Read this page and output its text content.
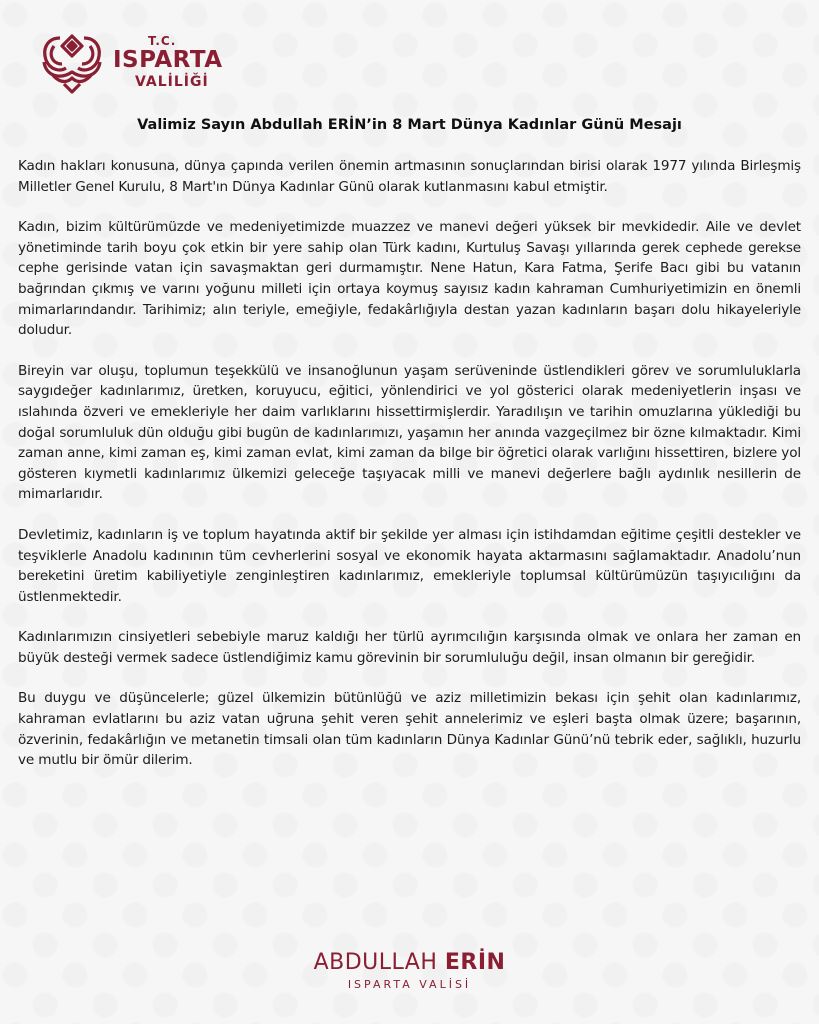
T.C.
ISPARTA
VALİLİĞİ
Valimiz Sayın Abdullah ERİN’in 8 Mart Dünya Kadınlar Günü Mesajı

Kadın hakları konusuna, dünya çapında verilen önemin artmasının sonuçlarından birisi olarak 1977 yılında Birleşmiş Milletler Genel Kurulu, 8 Mart'ın Dünya Kadınlar Günü olarak kutlanmasını kabul etmiştir.

Kadın, bizim kültürümüzde ve medeniyetimizde muazzez ve manevi değeri yüksek bir mevkidedir. Aile ve devlet yönetiminde tarih boyu çok etkin bir yere sahip olan Türk kadını, Kurtuluş Savaşı yıllarında gerek cephede gerekse cephe gerisinde vatan için savaşmaktan geri durmamıştır. Nene Hatun, Kara Fatma, Şerife Bacı gibi bu vatanın bağrından çıkmış ve varını yoğunu milleti için ortaya koymuş sayısız kadın kahraman Cumhuriyetimizin en önemli mimarlarındandır. Tarihimiz; alın teriyle, emeğiyle, fedakârlığıyla destan yazan kadınların başarı dolu hikayeleriyle doludur.

Bireyin var oluşu, toplumun teşekkülü ve insanoğlunun yaşam serüveninde üstlendikleri görev ve sorumluluklarla saygıdeğer kadınlarımız, üretken, koruyucu, eğitici, yönlendirici ve yol gösterici olarak medeniyetlerin inşası ve ıslahında özveri ve emekleriyle her daim varlıklarını hissettirmişlerdir. Yaradılışın ve tarihin omuzlarına yüklediği bu doğal sorumluluk dün olduğu gibi bugün de kadınlarımızı, yaşamın her anında vazgeçilmez bir özne kılmaktadır. Kimi zaman anne, kimi zaman eş, kimi zaman evlat, kimi zaman da bilge bir öğretici olarak varlığını hissettiren, bizlere yol gösteren kıymetli kadınlarımız ülkemizi geleceğe taşıyacak milli ve manevi değerlere bağlı aydınlık nesillerin de mimarlarıdır.

Devletimiz, kadınların iş ve toplum hayatında aktif bir şekilde yer alması için istihdamdan eğitime çeşitli destekler ve teşviklerle Anadolu kadınının tüm cevherlerini sosyal ve ekonomik hayata aktarmasını sağlamaktadır. Anadolu’nun bereketini üretim kabiliyetiyle zenginleştiren kadınlarımız, emekleriyle toplumsal kültürümüzün taşıyıcılığını da üstlenmektedir.

Kadınlarımızın cinsiyetleri sebebiyle maruz kaldığı her türlü ayrımcılığın karşısında olmak ve onlara her zaman en büyük desteği vermek sadece üstlendiğimiz kamu görevinin bir sorumluluğu değil, insan olmanın bir gereğidir.

Bu duygu ve düşüncelerle; güzel ülkemizin bütünlüğü ve aziz milletimizin bekası için şehit olan kadınlarımız, kahraman evlatlarını bu aziz vatan uğruna şehit veren şehit annelerimiz ve eşleri başta olmak üzere; başarının, özverinin, fedakârlığın ve metanetin timsali olan tüm kadınların Dünya Kadınlar Günü’nü tebrik eder, sağlıklı, huzurlu ve mutlu bir ömür dilerim.

ABDULLAH ERİN
ISPARTA VALİSİ
